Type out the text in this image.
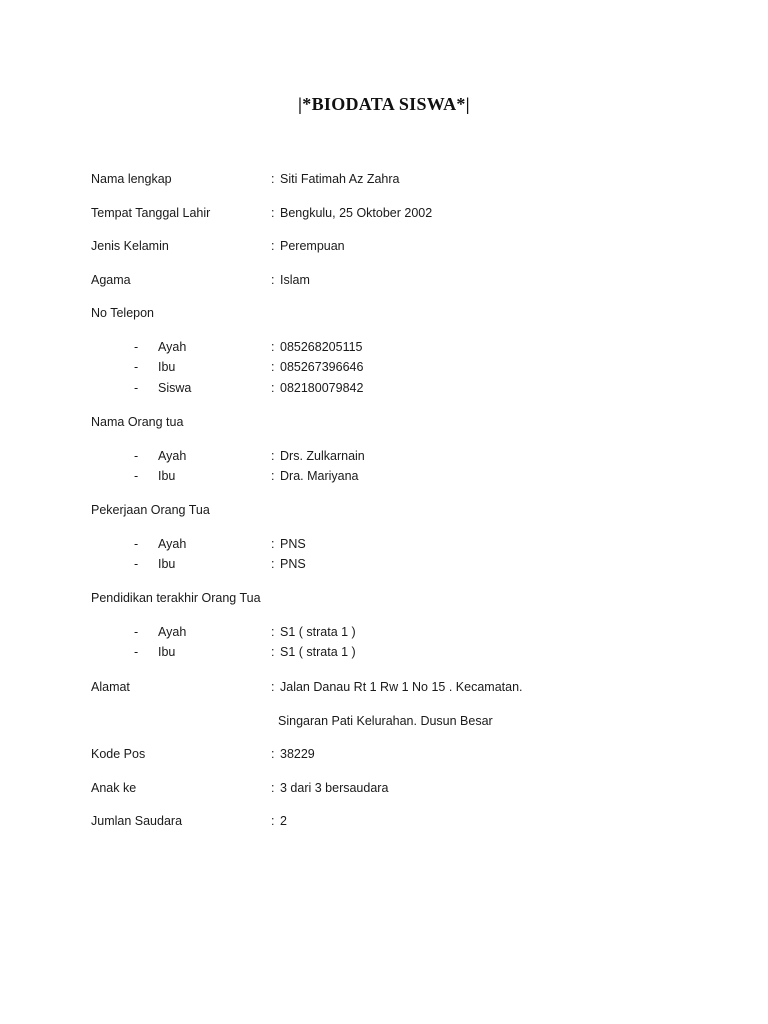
|*BIODATA SISWA*|
Nama lengkap	: Siti Fatimah Az Zahra
Tempat Tanggal Lahir	: Bengkulu, 25 Oktober 2002
Jenis Kelamin	: Perempuan
Agama	: Islam
No Telepon
- Ayah	: 085268205115
- Ibu	: 085267396646
- Siswa	: 082180079842
Nama Orang tua
- Ayah	: Drs. Zulkarnain
- Ibu	: Dra. Mariyana
Pekerjaan Orang Tua
- Ayah	: PNS
- Ibu	: PNS
Pendidikan terakhir Orang Tua
- Ayah	: S1 ( strata 1 )
- Ibu	: S1 ( strata 1 )
Alamat	: Jalan Danau Rt 1 Rw 1 No 15 . Kecamatan.
Singaran Pati Kelurahan. Dusun Besar
Kode Pos	: 38229
Anak ke	: 3 dari 3 bersaudara
Jumlan Saudara	: 2
